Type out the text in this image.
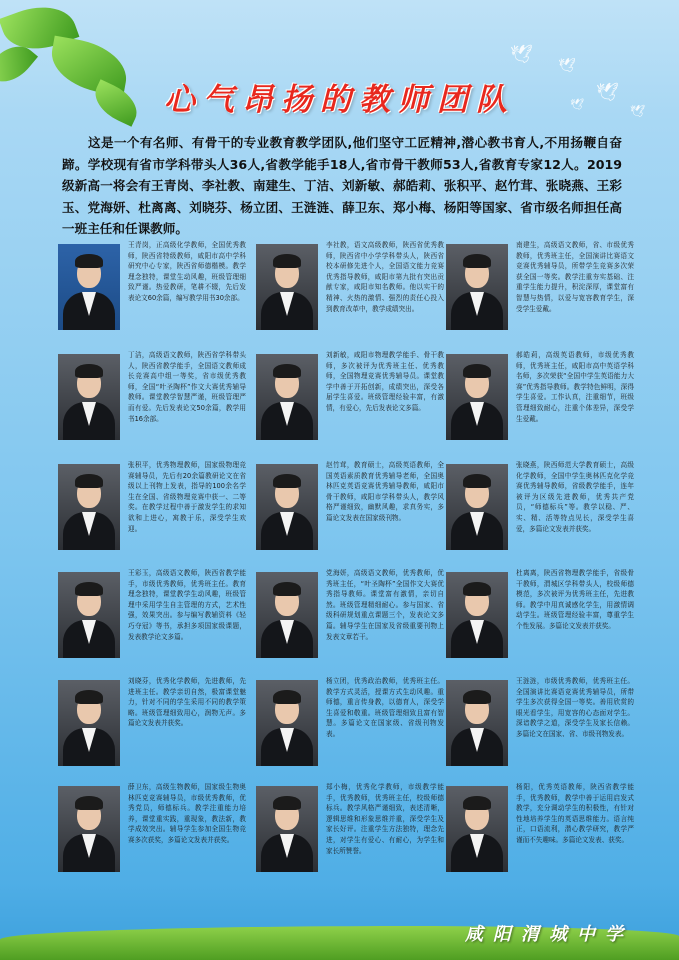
🕊
🕊
🕊
🕊
🕊
心气昂扬的教师团队
这是一个有名师、有骨干的专业教育教学团队,他们坚守工匠精神,潜心教书育人,不用扬鞭自奋蹄。学校现有省市学科带头人36人,省教学能手18人,省市骨干教师53人,省教育专家12人。2019级新高一将会有王青岗、李社教、南建生、丁洁、刘新敏、郝皓莉、张积平、赵竹茸、张晓燕、王彩玉、党海妍、杜离离、刘晓芬、杨立团、王涟涟、薛卫东、郑小梅、杨阳等国家、省市级名师担任高一班主任和任课教师。
王青岗，正高级化学教师，全国优秀教师，陕西省特级教师，咸阳市高中学科研究中心专家，陕西省师德楷模。教学理念独特，课堂生动风趣，班级管理细致严谨。热爱教研，笔耕不辍，先后发表论文60余篇，编写教学用书30余部。
李社教，语文高级教师，陕西省优秀教师，陕西省中小学学科带头人，陕西省校本研修先进个人，全国语文能力竞赛优秀指导教师，咸阳市第九批有突出贡献专家，咸阳市知名教师。他以实干的精神、火热的激情、强烈的责任心投入到教育改革中，教学成绩突出。
南建生，高级语文教师，省、市级优秀教师，优秀班主任，全国演讲比赛语文竞赛优秀辅导员，所带学生竞赛多次荣获全国一等奖。教学注重夯实基础、注重学生能力提升，积淀深厚，课堂富有智慧与热情，以爱与宽容教育学生，深受学生爱戴。
丁洁，高级语文教师，陕西省学科带头人，陕西省教学能手，全国语文教师成长竞赛高中组一等奖，省市级优秀教师，全国“叶圣陶杯”作文大赛优秀辅导教师。课堂教学智慧严谨，班级管理严而有爱。先后发表论文50余篇，教学用书16余部。
刘新敏，咸阳市物理教学能手、骨干教师，多次被评为优秀班主任、优秀教师，全国物理竞赛优秀辅导员。课堂教学中善于开拓创新，成绩突出，深受各届学生喜爱。班级管理经验丰富，有激情，有爱心，先后发表论文多篇。
郝皓莉，高级英语教师，市级优秀教师，优秀班主任，咸阳市高中英语学科名师，多次荣获“全国中学生英语能力大赛”优秀指导教师。教学特色鲜明，深得学生喜爱。工作认真，注重细节，班级管理细致耐心，注重个体差异，深受学生爱戴。
张积平，优秀物理教师，国家级物理竞赛辅导员，先后有20余篇教研论文在省级以上刊物上发表，指导的100余名学生在全国、省级物理竞赛中获一、二等奖。在教学过程中善于激发学生的求知欲和上进心，寓教于乐，深受学生欢迎。
赵竹茸，教育硕士，高级英语教师，全国英语素质教育优秀辅导老师，全国奥林匹克英语竞赛优秀辅导教师，咸阳市骨干教师，咸阳市学科带头人，教学风格严谨细致，幽默风趣，求真务实，多篇论文发表在国家级刊物。
张晓燕，陕西师范大学教育硕士，高级化学教师，全国中学生奥林匹克化学竞赛优秀辅导教师，省级教学能手，连年被评为区级先进教师，优秀共产党员，“师德标兵”等。教学以稳、严、实、精、活等特点见长，深受学生喜爱，多篇论文发表并获奖。
王彩玉，高级语文教师，陕西省教学能手，市级优秀教师，优秀班主任。教育理念独特，课堂教学生动风趣，班级管理中采用学生自主管理的方式，艺术性强，效果突出。参与编写教辅资料《轻巧夺冠》等书，承担多项国家级课题，发表教学论文多篇。
党海妍，高级语文教师，优秀教师，优秀班主任，“叶圣陶杯”全国作文大赛优秀指导教师。课堂富有激情，亲切自然。班级管理精细耐心。参与国家、省级科研规划重点课题三个，发表论文多篇。辅导学生在国家及省级重要刊物上发表文章若干。
杜离离，陕西省物理教学能手，省级骨干教师，渭城区学科带头人，校级师德模范，多次被评为优秀班主任，先进教师。教学中用真诚感化学生，用激情调动学生。班级管理经验丰富，尊重学生个性发展。多篇论文发表并获奖。
刘晓芬，优秀化学教师，先进教师，先进班主任。教学亲切自然，极富课堂魅力，针对不同的学生采用不同的教学策略。班级管理细致用心，润物无声。多篇论文发表并获奖。
杨立团，优秀政治教师，优秀班主任。教学方式灵活，授课方式生动风趣。重师德，重言传身教，以德育人，深受学生喜爱和敬重。班级管理细致且富有智慧。多篇论文在国家级、省级刊物发表。
王涟涟，市级优秀教师，优秀班主任。全国演讲比赛语竞赛优秀辅导员，所带学生多次获得全国一等奖。善用欣赏的眼光看学生，用宽容的心态面对学生。深谙教学之道，深受学生及家长信赖。多篇论文在国家、省、市级刊物发表。
薛卫东，高级生物教师，国家级生物奥林匹克竞赛辅导员，市级优秀教师，优秀党员，师德标兵。教学注重能力培养，课堂重实践，重现象，教法新，教学成效突出。辅导学生参加全国生物竞赛多次获奖，多篇论文发表并获奖。
郑小梅，优秀化学教师，市级教学能手，优秀教师，优秀班主任，校级师德标兵。教学风格严谨细致，表述清晰，逻辑思维和形象思维并重，深受学生及家长好评。注重学生方法独特，理念先进，对学生有爱心、有耐心，为学生和家长所赞誉。
杨阳，优秀英语教师，陕西省教学能手，优秀教师，教学中善于运用启发式教学，充分调动学生的积极性，有针对性地培养学生的英语思维能力。语言纯正，口语流利，潜心教学研究，教学严谨而不失趣味。多篇论文发表、获奖。
咸阳渭城中学
